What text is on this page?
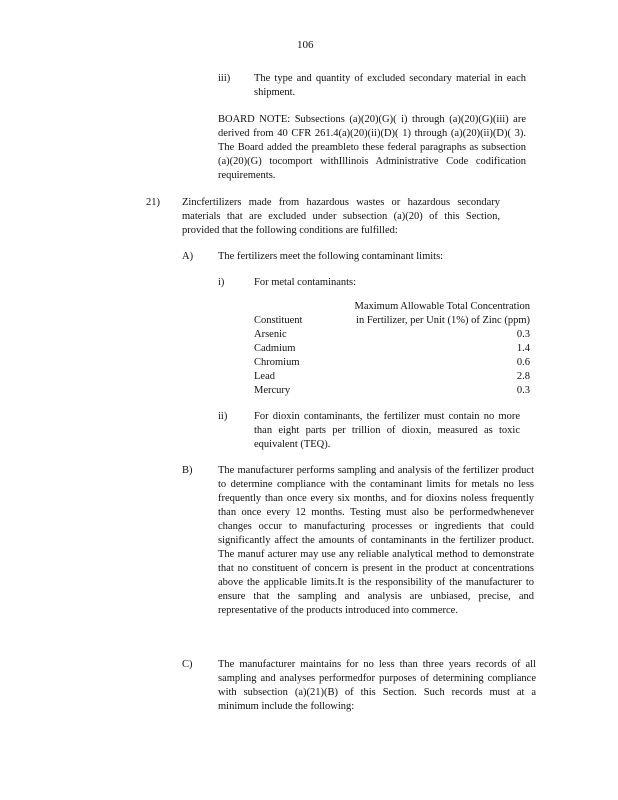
106
iii) The type and quantity of excluded secondary material in each shipment.
BOARD NOTE: Subsections (a)(20)(G)( i) through (a)(20)(G)(iii) are derived from 40 CFR 261.4(a)(20)(ii)(D)( 1) through (a)(20)(ii)(D)( 3). The Board added the preambleto these federal paragraphs as subsection (a)(20)(G) tocomport withIllinois Administrative Code codification requirements.
21) Zincfertilizers made from hazardous wastes or hazardous secondary materials that are excluded under subsection (a)(20) of this Section, provided that the following conditions are fulfilled:
A) The fertilizers meet the following contaminant limits:
i)	For metal contaminants:
	Maximum Allowable Total Concentration
Constituent	in Fertilizer, per Unit (1%) of Zinc (ppm)
Arsenic	0.3
Cadmium	1.4
Chromium	0.6
Lead	2.8
Mercury	0.3
ii)	For dioxin contaminants, the fertilizer must contain no more than eight parts per trillion of dioxin, measured as toxic equivalent (TEQ).
B) The manufacturer performs sampling and analysis of the fertilizer product to determine compliance with the contaminant limits for metals no less frequently than once every six months, and for dioxins noless frequently than once every 12 months. Testing must also be performedwhenever changes occur to manufacturing processes or ingredients that could significantly affect the amounts of contaminants in the fertilizer product. The manuf acturer may use any reliable analytical method to demonstrate that no constituent of concern is present in the product at concentrations above the applicable limits.It is the responsibility of the manufacturer to ensure that the sampling and analysis are unbiased, precise, and representative of the products introduced into commerce.
C) The manufacturer maintains for no less than three years records of all sampling and analyses performedfor purposes of determining compliance with subsection (a)(21)(B) of this Section. Such records must at a minimum include the following:
